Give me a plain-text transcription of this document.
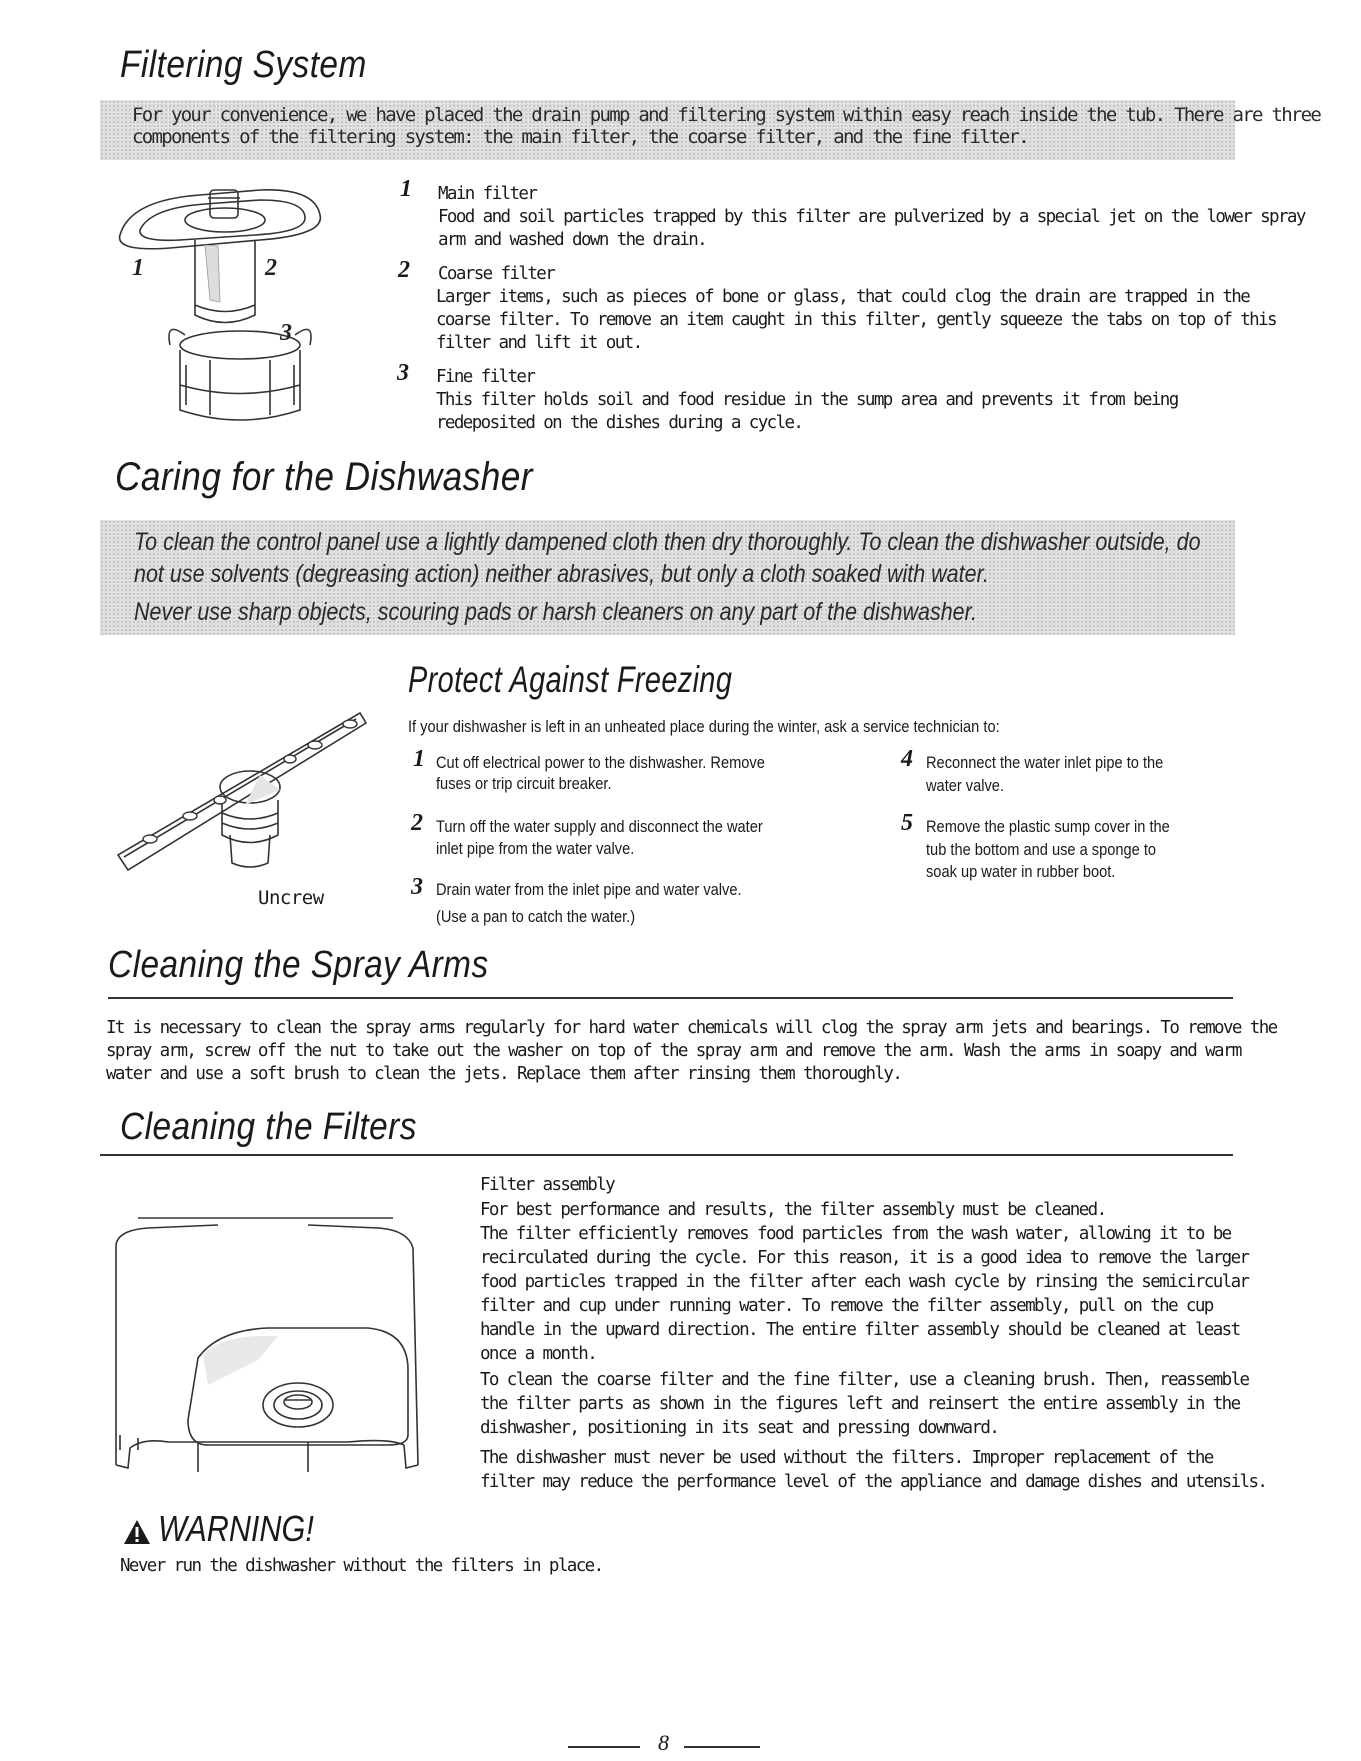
Filtering System
For your convenience, we have placed the drain pump and filtering system within easy reach inside the tub. There are three
components of the filtering system: the main filter, the coarse filter, and the fine filter.
1	2
3
1 Main filter
Food and soil particles trapped by this filter are pulverized by a special jet on the lower spray
arm and washed down the drain.
2 Coarse filter
Larger items, such as pieces of bone or glass, that could clog the drain are trapped in the
coarse filter. To remove an item caught in this filter, gently squeeze the tabs on top of this
filter and lift it out.
3 Fine filter
This filter holds soil and food residue in the sump area and prevents it from being
redeposited on the dishes during a cycle.
Caring for the Dishwasher
To clean the control panel use a lightly dampened cloth then dry thoroughly. To clean the dishwasher outside, do
not use solvents (degreasing action) neither abrasives, but only a cloth soaked with water.
Never use sharp objects, scouring pads or harsh cleaners on any part of the dishwasher.
Protect Against Freezing
If your dishwasher is left in an unheated place during the winter, ask a service technician to:
Uncrew
1 Cut off electrical power to the dishwasher. Remove
fuses or trip circuit breaker.
2 Turn off the water supply and disconnect the water
inlet pipe from the water valve.
3 Drain water from the inlet pipe and water valve.
(Use a pan to catch the water.)
4 Reconnect the water inlet pipe to the
water valve.
5 Remove the plastic sump cover in the
tub the bottom and use a sponge to
soak up water in rubber boot.
Cleaning the Spray Arms
It is necessary to clean the spray arms regularly for hard water chemicals will clog the spray arm jets and bearings. To remove the
spray arm, screw off the nut to take out the washer on top of the spray arm and remove the arm. Wash the arms in soapy and warm
water and use a soft brush to clean the jets. Replace them after rinsing them thoroughly.
Cleaning the Filters
Filter assembly
For best performance and results, the filter assembly must be cleaned.
The filter efficiently removes food particles from the wash water, allowing it to be
recirculated during the cycle. For this reason, it is a good idea to remove the larger
food particles trapped in the filter after each wash cycle by rinsing the semicircular
filter and cup under running water. To remove the filter assembly, pull on the cup
handle in the upward direction. The entire filter assembly should be cleaned at least
once a month.
To clean the coarse filter and the fine filter, use a cleaning brush. Then, reassemble
the filter parts as shown in the figures left and reinsert the entire assembly in the
dishwasher, positioning in its seat and pressing downward.
The dishwasher must never be used without the filters. Improper replacement of the
filter may reduce the performance level of the appliance and damage dishes and utensils.
WARNING!
Never run the dishwasher without the filters in place.
8
